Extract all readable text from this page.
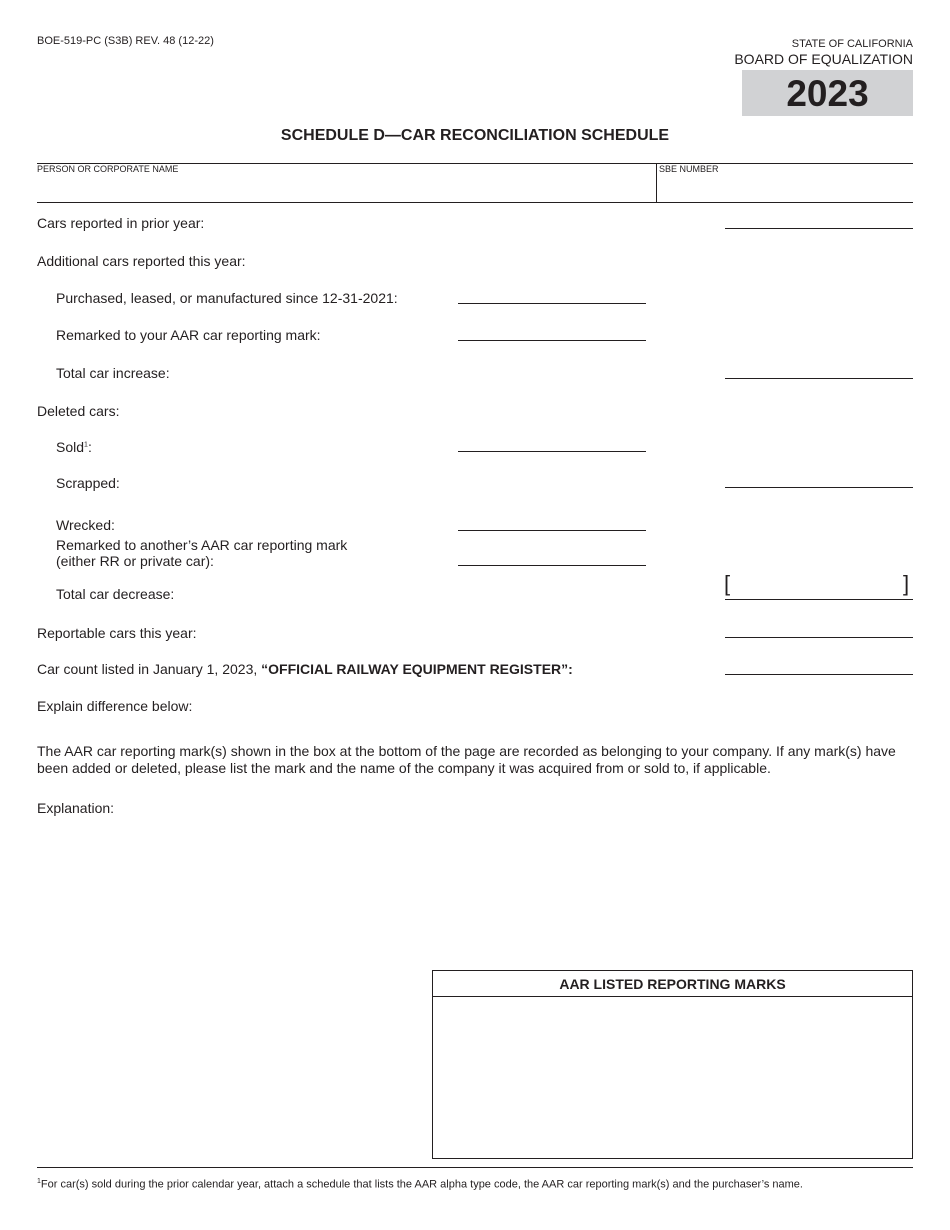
BOE-519-PC (S3B) REV. 48 (12-22)	STATE OF CALIFORNIA
BOARD OF EQUALIZATION
2023
SCHEDULE D—CAR RECONCILIATION SCHEDULE
PERSON OR CORPORATE NAME	SBE NUMBER
Cars reported in prior year:
Additional cars reported this year:
Purchased, leased, or manufactured since 12-31-2021:
Remarked to your AAR car reporting mark:
Total car increase:
Deleted cars:
Sold$^1$:
Scrapped:
Wrecked:
Remarked to another’s AAR car reporting mark
(either RR or private car):
Total car decrease:	[	]
Reportable cars this year:
Car count listed in January 1, 2023, “OFFICIAL RAILWAY EQUIPMENT REGISTER”:
Explain difference below:
The AAR car reporting mark(s) shown in the box at the bottom of the page are recorded as belonging to your company. If any mark(s) have been added or deleted, please list the mark and the name of the company it was acquired from or sold to, if applicable.
Explanation:
AAR LISTED REPORTING MARKS
$^1$For car(s) sold during the prior calendar year, attach a schedule that lists the AAR alpha type code, the AAR car reporting mark(s) and the purchaser’s name.
